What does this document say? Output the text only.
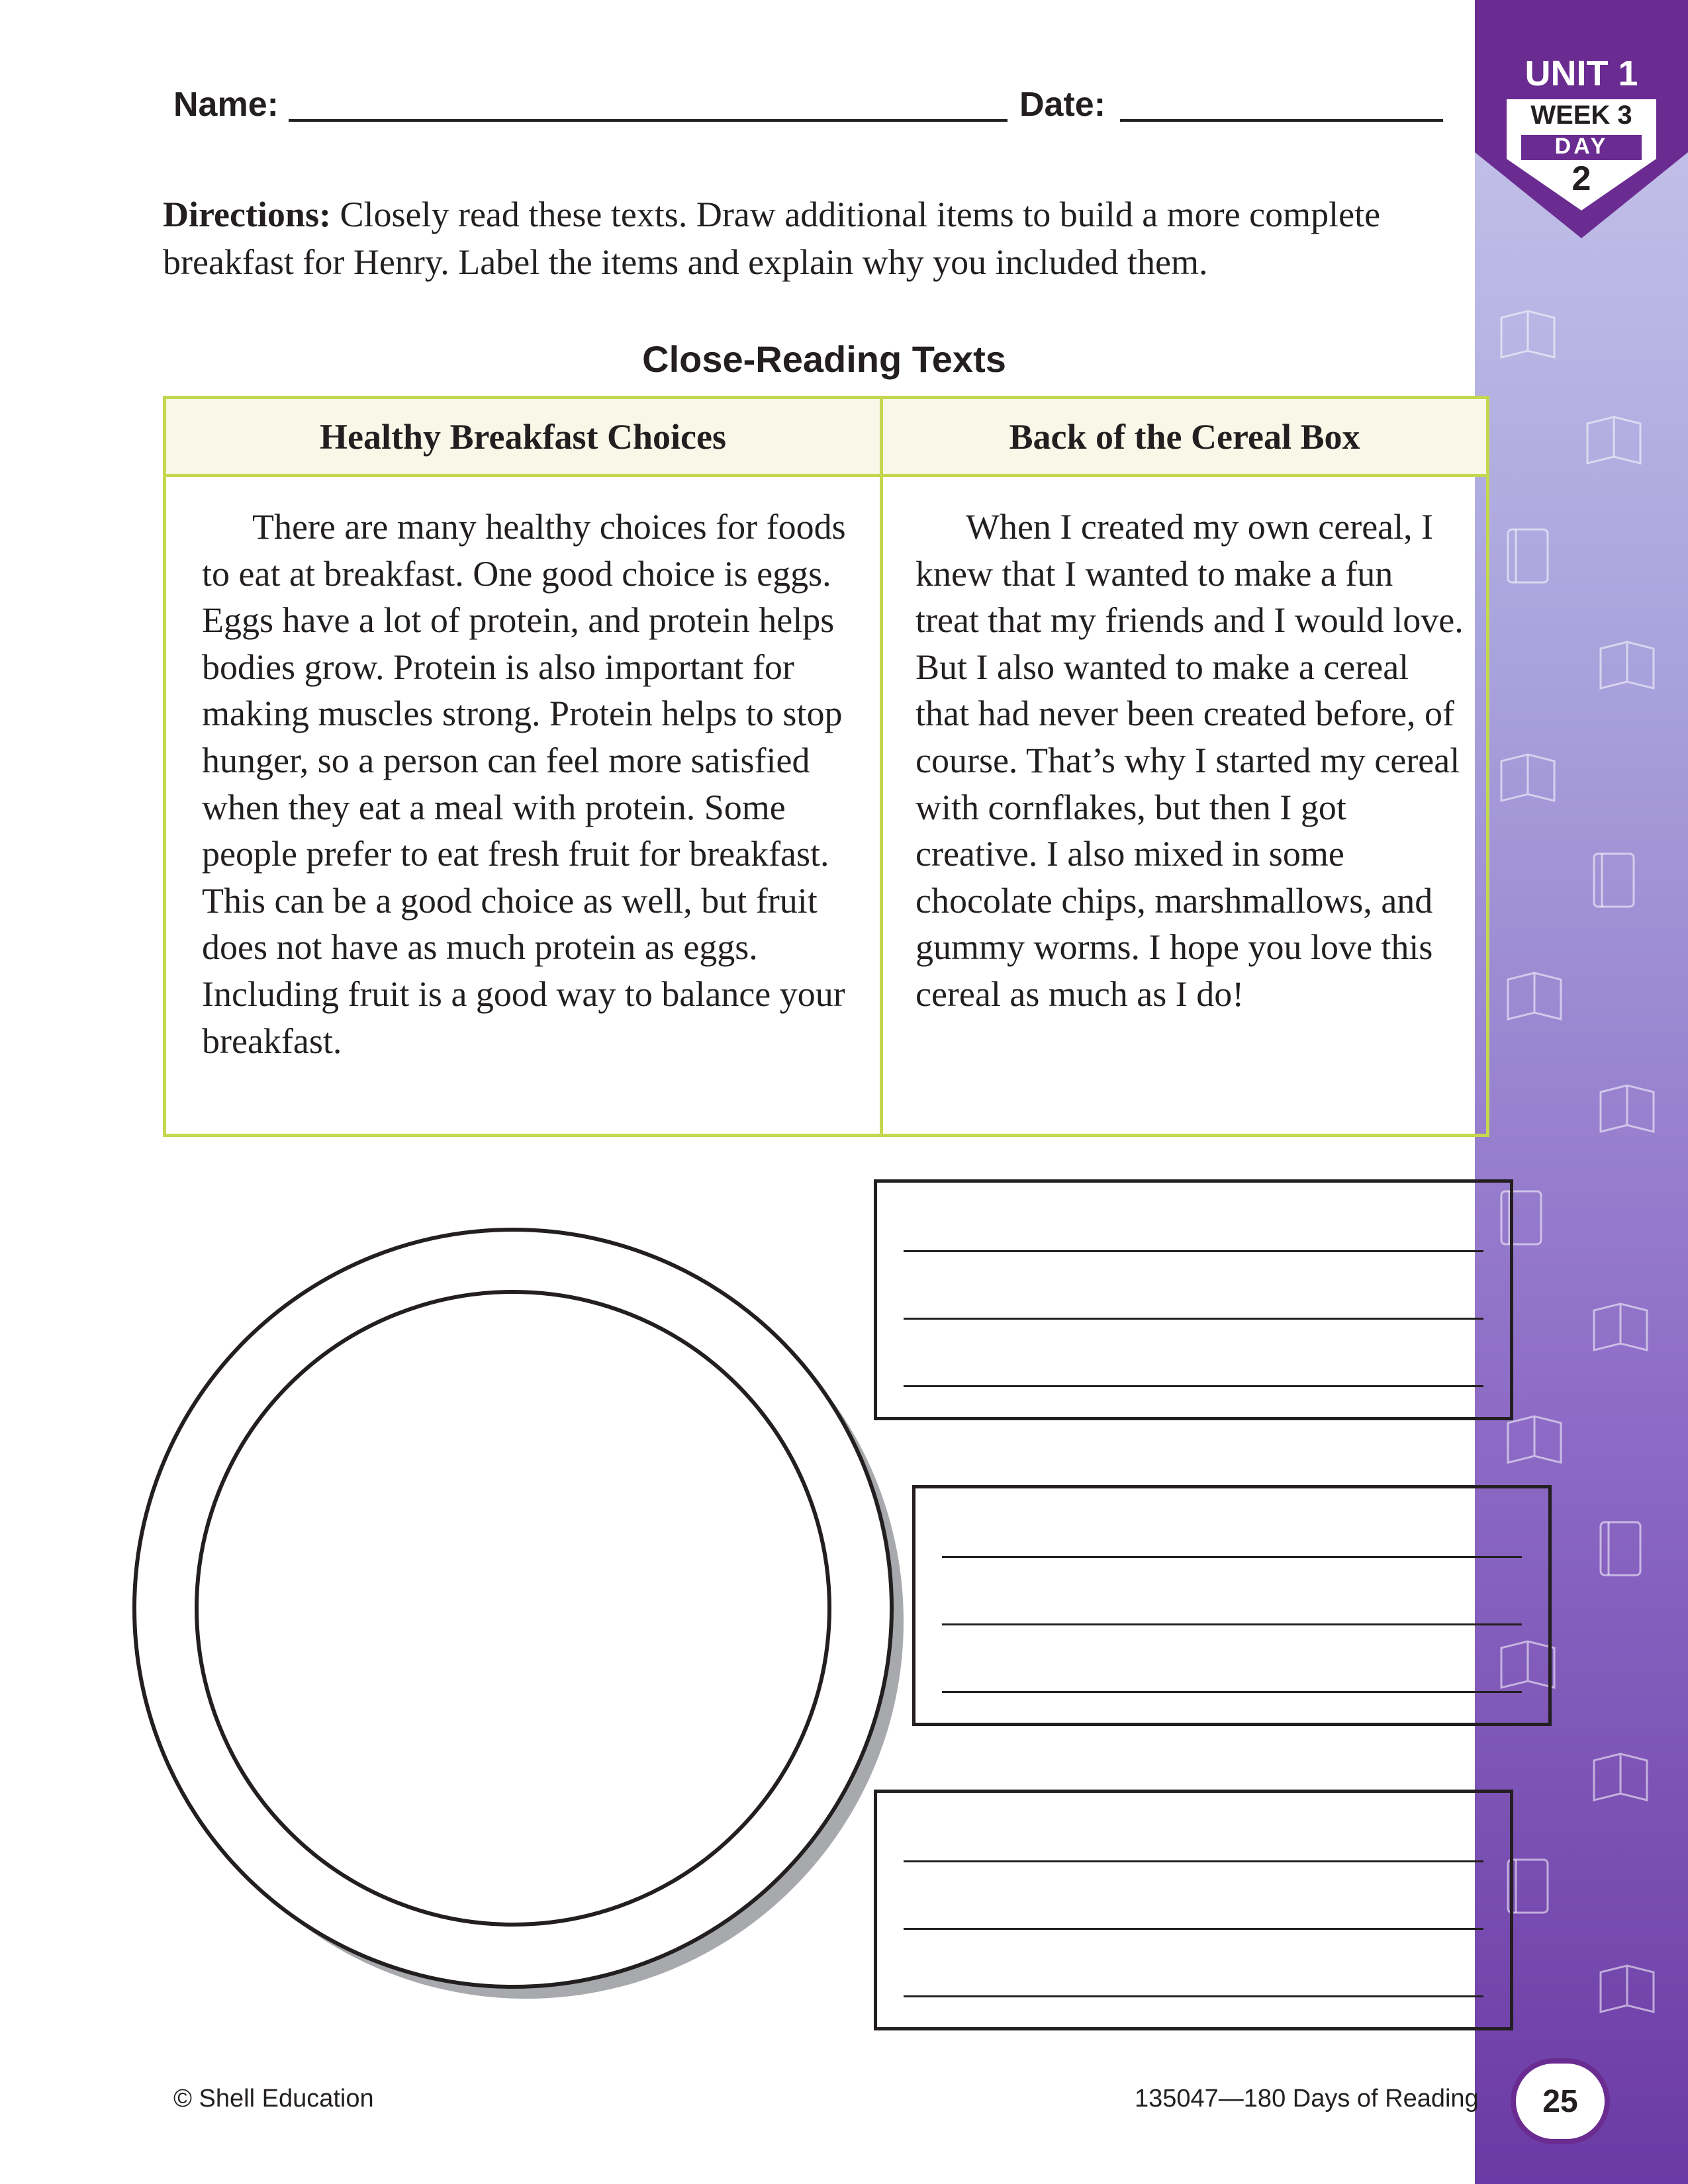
UNIT 1
WEEK 3
DAY
2
Name:	Date:
Directions: Closely read these texts. Draw additional items to build a more complete breakfast for Henry. Label the items and explain why you included them.
Close-Reading Texts
Healthy Breakfast Choices	Back of the Cereal Box

There are many healthy choices for foods to eat at breakfast. One good choice is eggs. Eggs have a lot of protein, and protein helps bodies grow. Protein is also important for making muscles strong. Protein helps to stop hunger, so a person can feel more satisfied when they eat a meal with protein. Some people prefer to eat fresh fruit for breakfast. This can be a good choice as well, but fruit does not have as much protein as eggs. Including fruit is a good way to balance your breakfast.

When I created my own cereal, I knew that I wanted to make a fun treat that my friends and I would love. But I also wanted to make a cereal that had never been created before, of course. That’s why I started my cereal with cornflakes, but then I got creative. I also mixed in some chocolate chips, marshmallows, and gummy worms. I hope you love this cereal as much as I do!

© Shell Education	135047—180 Days of Reading	25
